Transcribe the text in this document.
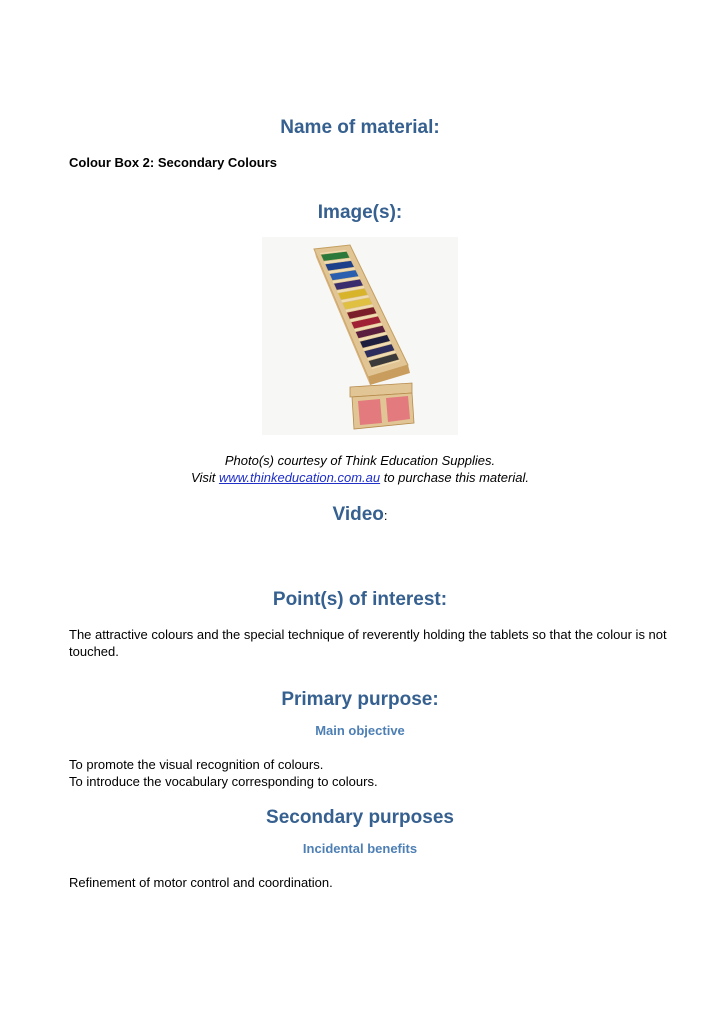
Name of material:
Colour Box 2: Secondary Colours
Image(s):
Photo(s) courtesy of Think Education Supplies.
Visit www.thinkeducation.com.au to purchase this material.
Video:
Point(s) of interest:
The attractive colours and the special technique of reverently holding the tablets so that the colour is not touched.
Primary purpose:
Main objective
To promote the visual recognition of colours.
To introduce the vocabulary corresponding to colours.
Secondary purposes
Incidental benefits
Refinement of motor control and coordination.
